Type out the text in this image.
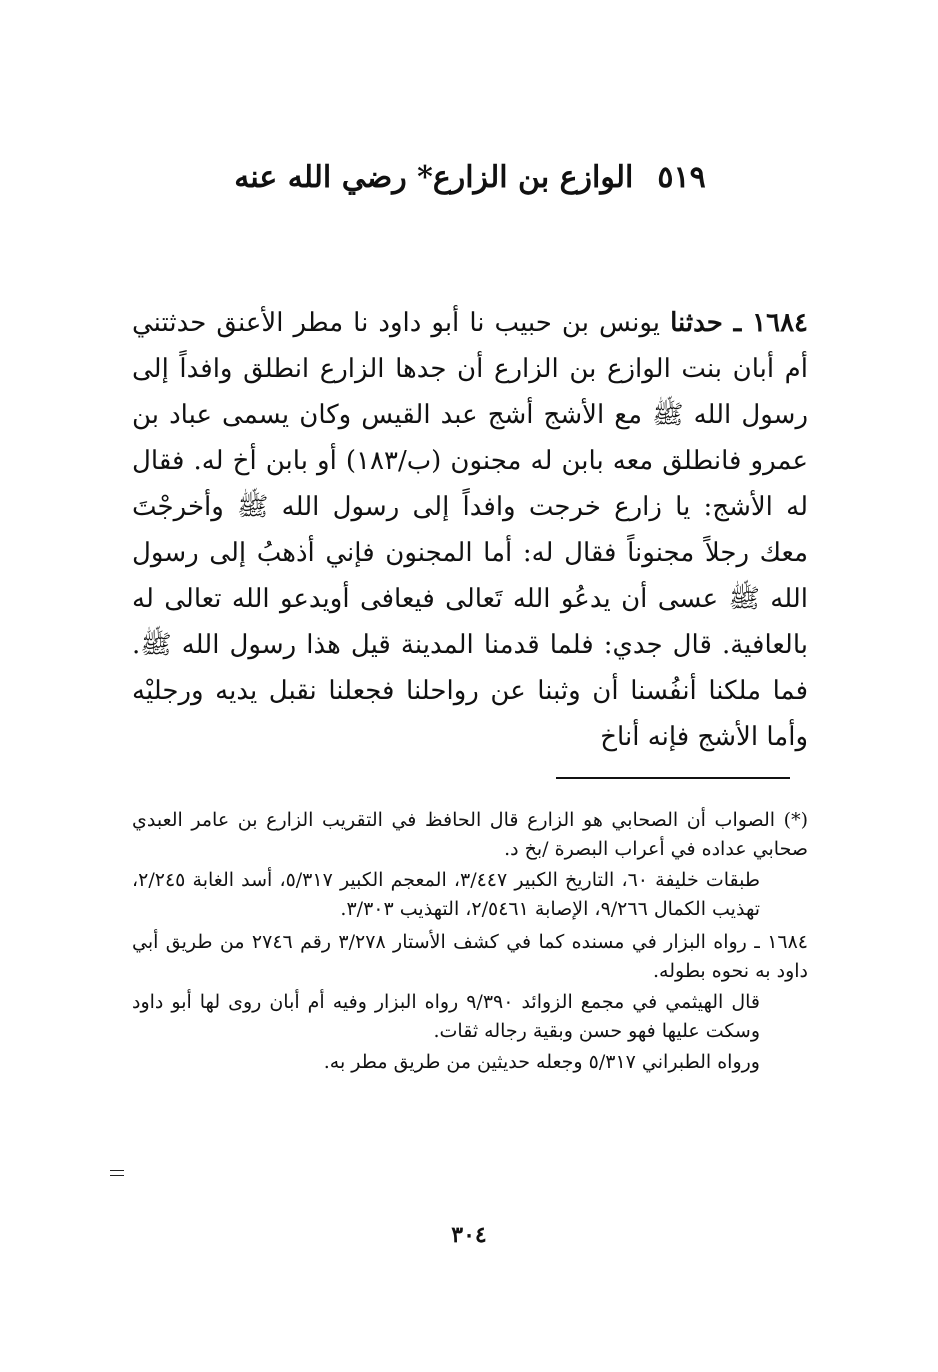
٥١٩الوازع بن الزارع* رضي الله عنه
١٦٨٤ ـ حدثنا يونس بن حبيب نا أبو داود نا مطر الأعنق حدثتني أم أبان بنت الوازع بن الزارع أن جدها الزارع انطلق وافداً إلى رسول الله ﷺ مع الأشج أشج عبد القيس وكان يسمى عباد بن عمرو فانطلق معه بابن له مجنون (ب/١٨٣) أو بابن أخ له. فقال له الأشج: يا زارع خرجت وافداً إلى رسول الله ﷺ وأخرجْتَ معك رجلاً مجنوناً فقال له: أما المجنون فإني أذهبُ إلى رسول الله ﷺ عسى أن يدعُو الله تَعالى فيعافى أويدعو الله تعالى له بالعافية. قال جدي: فلما قدمنا المدينة قيل هذا رسول الله ﷺ. فما ملكنا أنفُسنا أن وثبنا عن رواحلنا فجعلنا نقبل يديه ورجليْه وأما الأشج فإنه أناخ

(*) الصواب أن الصحابي هو الزارع قال الحافظ في التقريب الزارع بن عامر العبدي صحابي عداده في أعراب البصرة /بخ د.

طبقات خليفة ٦٠، التاريخ الكبير ٣/٤٤٧، المعجم الكبير ٥/٣١٧، أسد الغابة ٢/٢٤٥، تهذيب الكمال ٩/٢٦٦، الإصابة ٢/٥٤٦١، التهذيب ٣/٣٠٣.

١٦٨٤ ـ رواه البزار في مسنده كما في كشف الأستار ٣/٢٧٨ رقم ٢٧٤٦ من طريق أبي داود به نحوه بطوله.

قال الهيثمي في مجمع الزوائد ٩/٣٩٠ رواه البزار وفيه أم أبان روى لها أبو داود وسكت عليها فهو حسن وبقية رجاله ثقات.

ورواه الطبراني ٥/٣١٧ وجعله حديثين من طريق مطر به.

٣٠٤
